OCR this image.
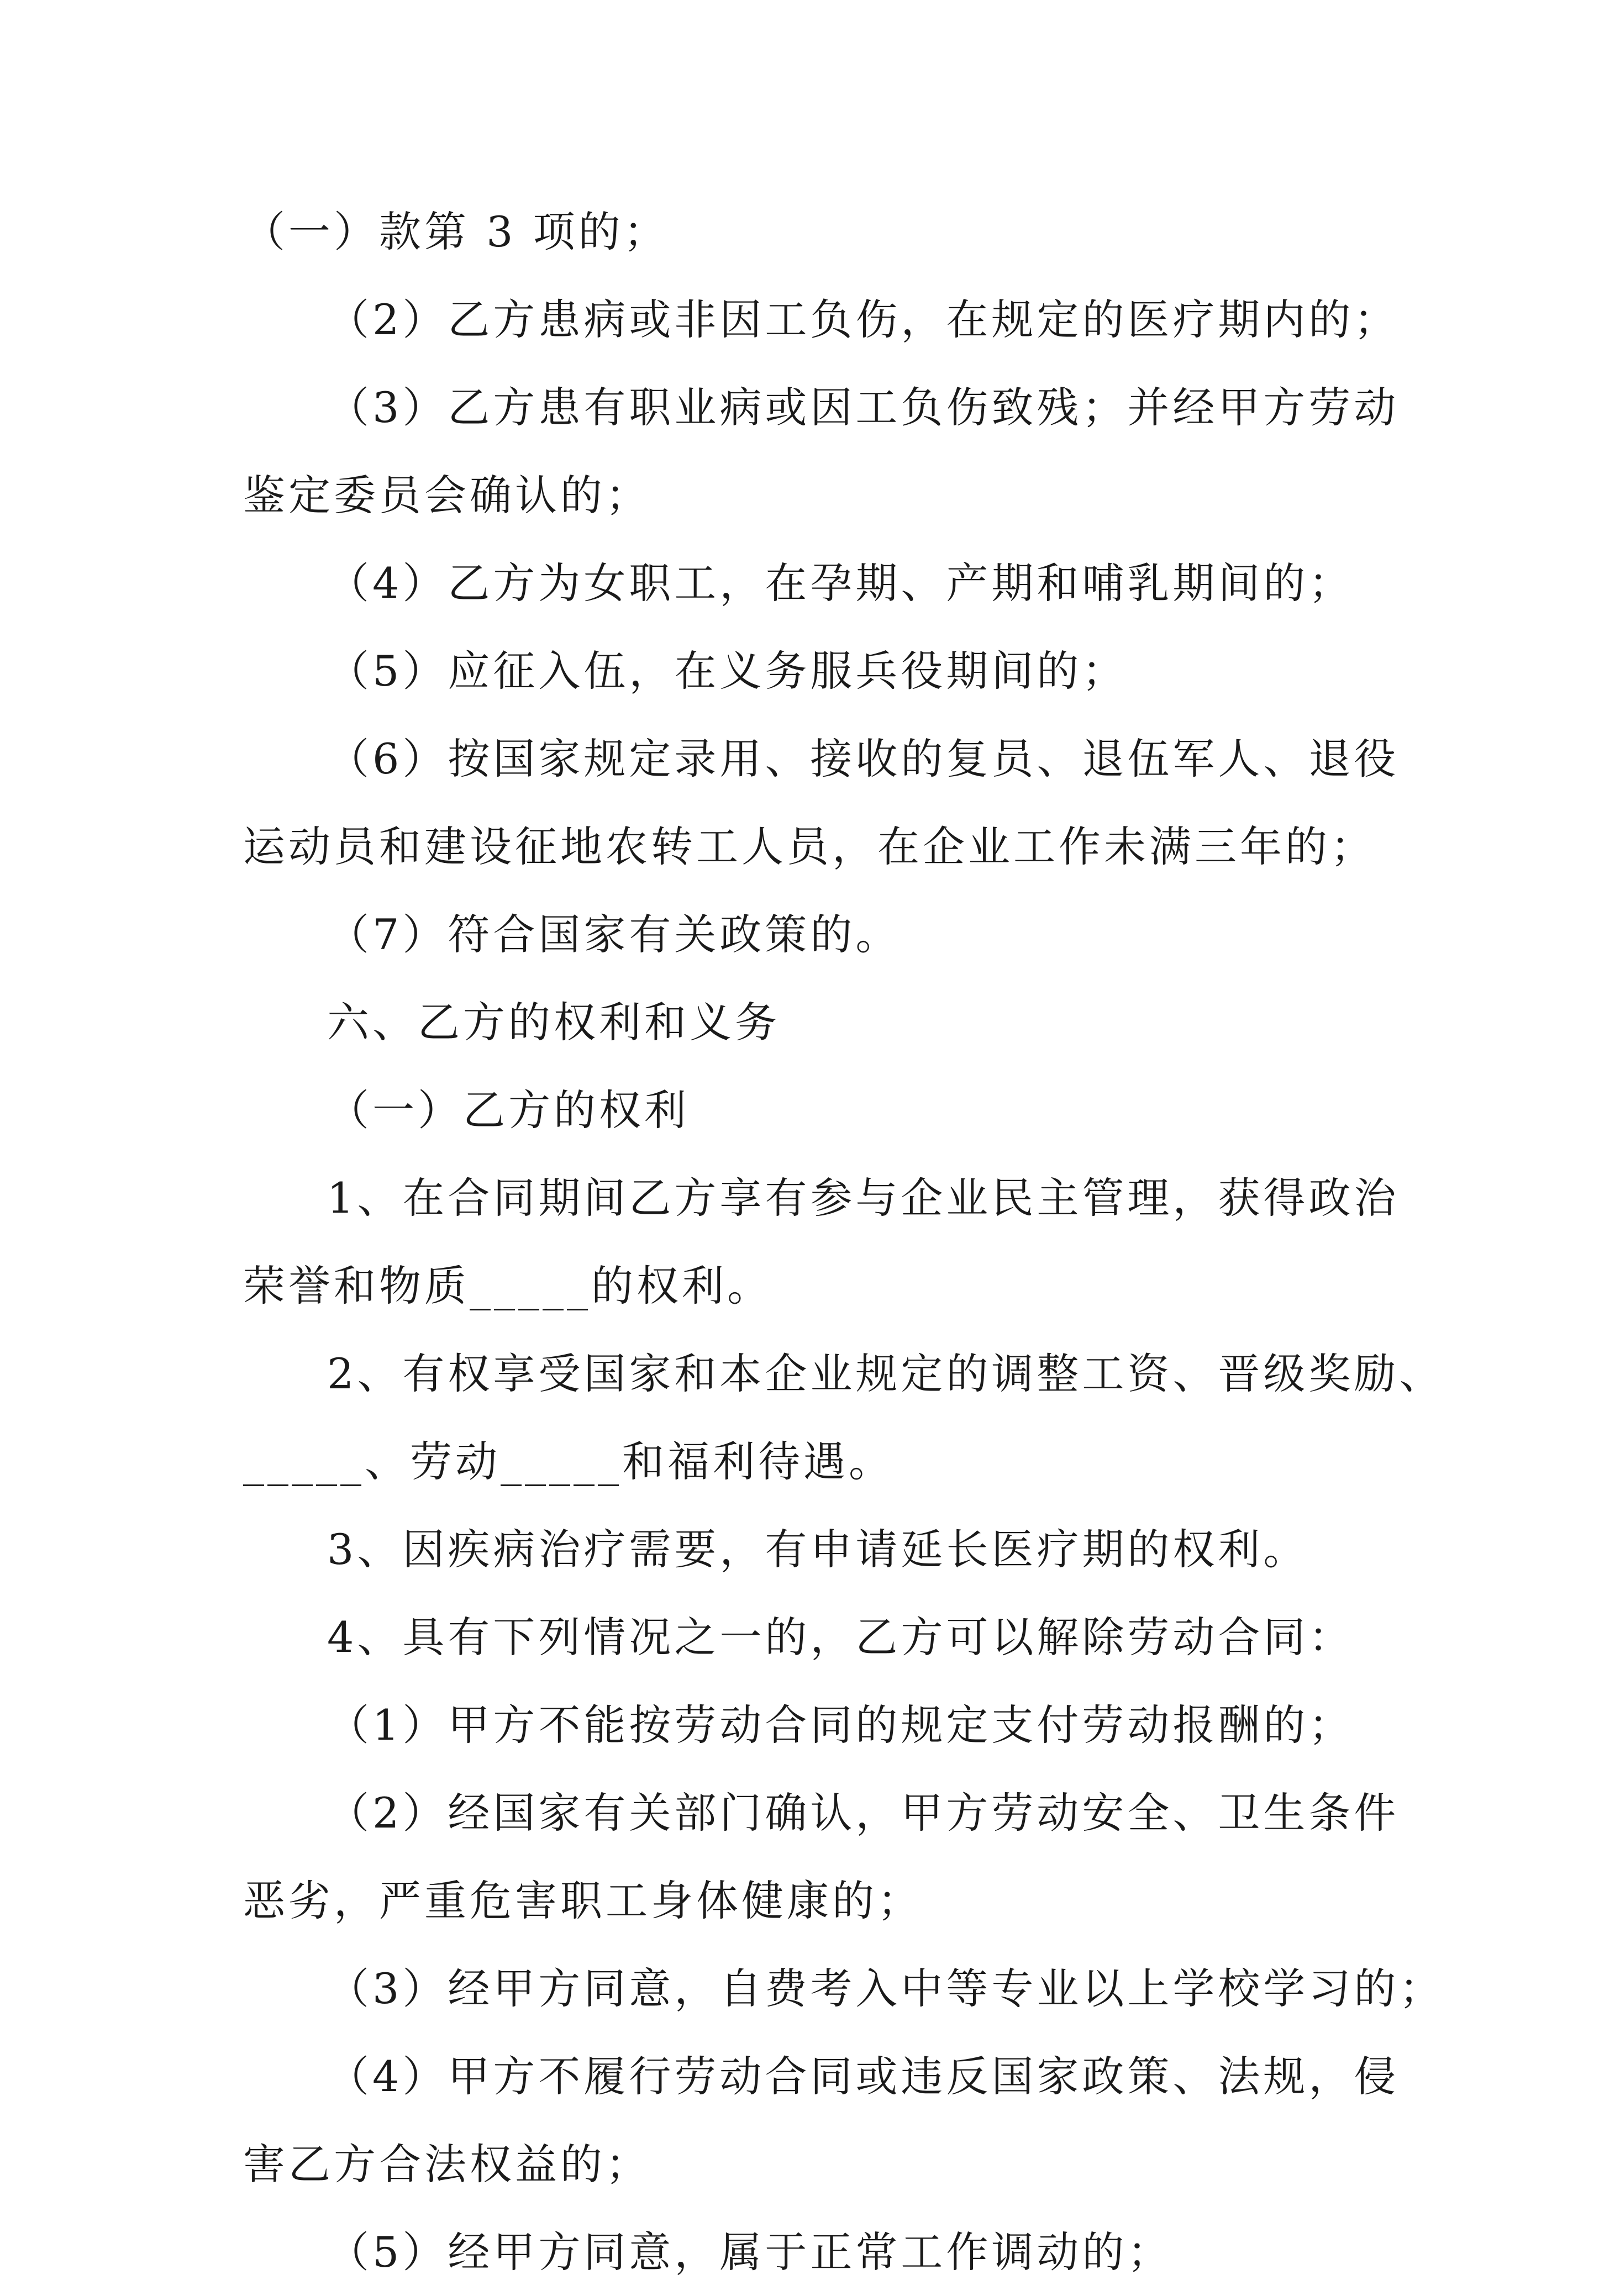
（一）款第 3 项的；
（2）乙方患病或非因工负伤，在规定的医疗期内的；
（3）乙方患有职业病或因工负伤致残；并经甲方劳动
鉴定委员会确认的；
（4）乙方为女职工，在孕期、产期和哺乳期间的；
（5）应征入伍，在义务服兵役期间的；
（6）按国家规定录用、接收的复员、退伍军人、退役
运动员和建设征地农转工人员，在企业工作未满三年的；
（7）符合国家有关政策的。
六、乙方的权利和义务
（一）乙方的权利
1、在合同期间乙方享有参与企业民主管理，获得政治
荣誉和物质_____的权利。
2、有权享受国家和本企业规定的调整工资、晋级奖励、
_____、劳动_____和福利待遇。
3、因疾病治疗需要，有申请延长医疗期的权利。
4、具有下列情况之一的，乙方可以解除劳动合同：
（1）甲方不能按劳动合同的规定支付劳动报酬的；
（2）经国家有关部门确认，甲方劳动安全、卫生条件
恶劣，严重危害职工身体健康的；
（3）经甲方同意，自费考入中等专业以上学校学习的；
（4）甲方不履行劳动合同或违反国家政策、法规，侵
害乙方合法权益的；
（5）经甲方同意，属于正常工作调动的；
